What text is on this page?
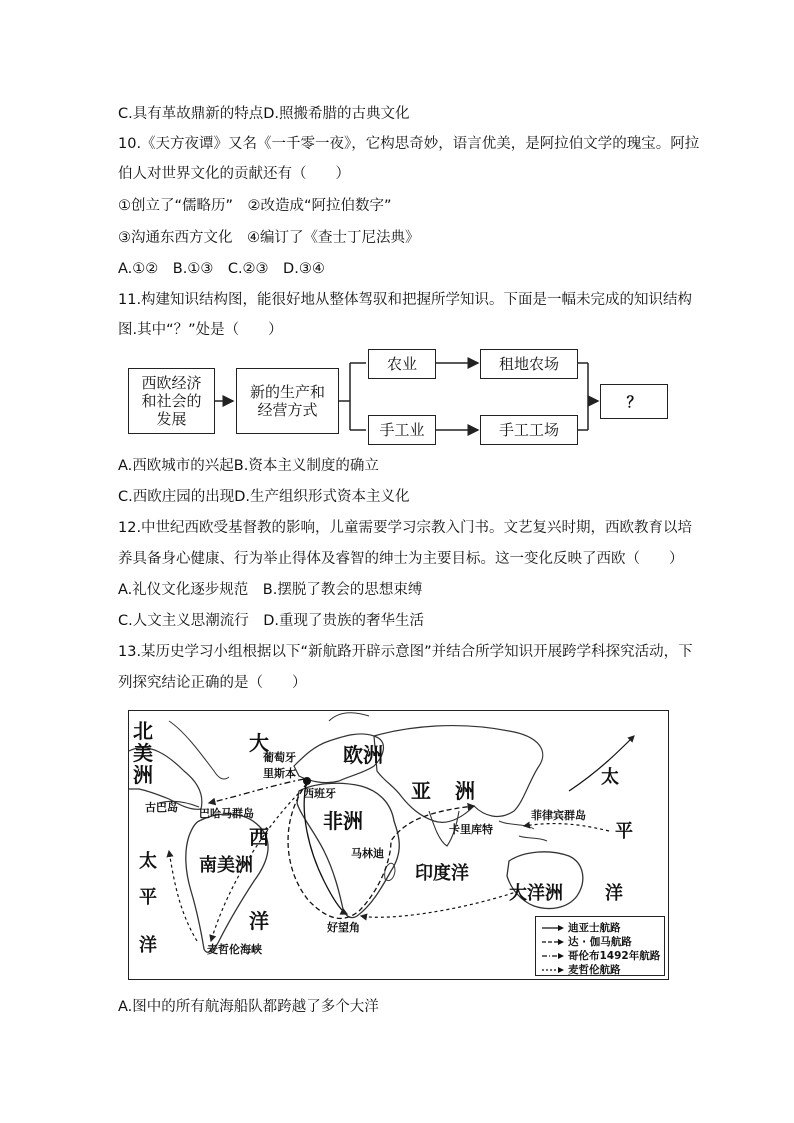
C.具有革故鼎新的特点D.照搬希腊的古典文化
10.《天方夜谭》又名《一千零一夜》，它构思奇妙，语言优美，是阿拉伯文学的瑰宝。阿拉
伯人对世界文化的贡献还有（　　）
①创立了“儒略历”　②改造成“阿拉伯数字”
③沟通东西方文化　④编订了《查士丁尼法典》
A.①②　B.①③　C.②③　D.③④
11.构建知识结构图，能很好地从整体驾驭和把握所学知识。下面是一幅未完成的知识结构
图.其中“？”处是（　　）
西欧经济和社会的发展
新的生产和经营方式
农业	租地农场
手工业	手工工场
？
A.西欧城市的兴起B.资本主义制度的确立
C.西欧庄园的出现D.生产组织形式资本主义化
12.中世纪西欧受基督教的影响，儿童需要学习宗教入门书。文艺复兴时期，西欧教育以培
养具备身心健康、行为举止得体及睿智的绅士为主要目标。这一变化反映了西欧（　　）
A.礼仪文化逐步规范　B.摆脱了教会的思想束缚
C.人文主义思潮流行　D.重现了贵族的奢华生活
13.某历史学习小组根据以下“新航路开辟示意图”并结合所学知识开展跨学科探究活动，下
列探究结论正确的是（　　）
北
美
洲
大
西
洋
欧洲
非洲
亚 洲
南美洲	印度洋
大洋洲
太
平
洋
太
平
洋
葡萄牙
里斯本
西班牙
古巴岛 巴哈马群岛
卡里库特
菲律宾群岛
马林迪
好望角
麦哲伦海峡
迪亚士航路
达 · 伽马航路
哥伦布1492年航路
麦哲伦航路
A.图中的所有航海船队都跨越了多个大洋
